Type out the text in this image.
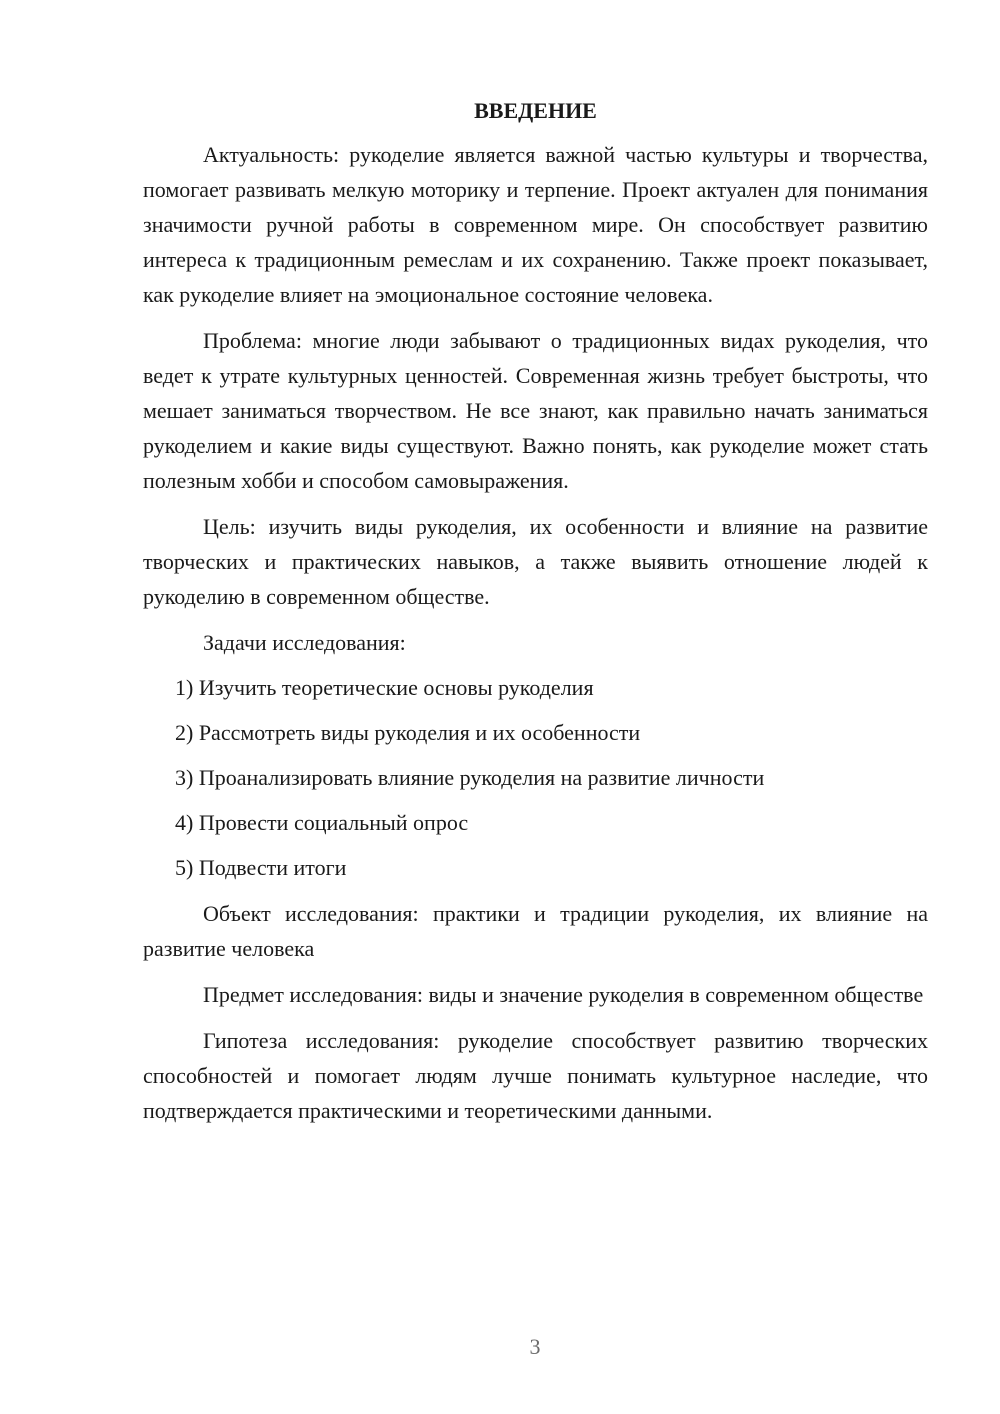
ВВЕДЕНИЕ

Актуальность: рукоделие является важной частью культуры и творчества, помогает развивать мелкую моторику и терпение. Проект актуален для понимания значимости ручной работы в современном мире. Он способствует развитию интереса к традиционным ремеслам и их сохранению. Также проект показывает, как рукоделие влияет на эмоциональное состояние человека.

Проблема: многие люди забывают о традиционных видах рукоделия, что ведет к утрате культурных ценностей. Современная жизнь требует быстроты, что мешает заниматься творчеством. Не все знают, как правильно начать заниматься рукоделием и какие виды существуют. Важно понять, как рукоделие может стать полезным хобби и способом самовыражения.

Цель: изучить виды рукоделия, их особенности и влияние на развитие творческих и практических навыков, а также выявить отношение людей к рукоделию в современном обществе.

Задачи исследования:

1) Изучить теоретические основы рукоделия
2) Рассмотреть виды рукоделия и их особенности
3) Проанализировать влияние рукоделия на развитие личности
4) Провести социальный опрос
5) Подвести итоги

Объект исследования: практики и традиции рукоделия, их влияние на развитие человека

Предмет исследования: виды и значение рукоделия в современном обществе

Гипотеза исследования: рукоделие способствует развитию творческих способностей и помогает людям лучше понимать культурное наследие, что подтверждается практическими и теоретическими данными.

3
